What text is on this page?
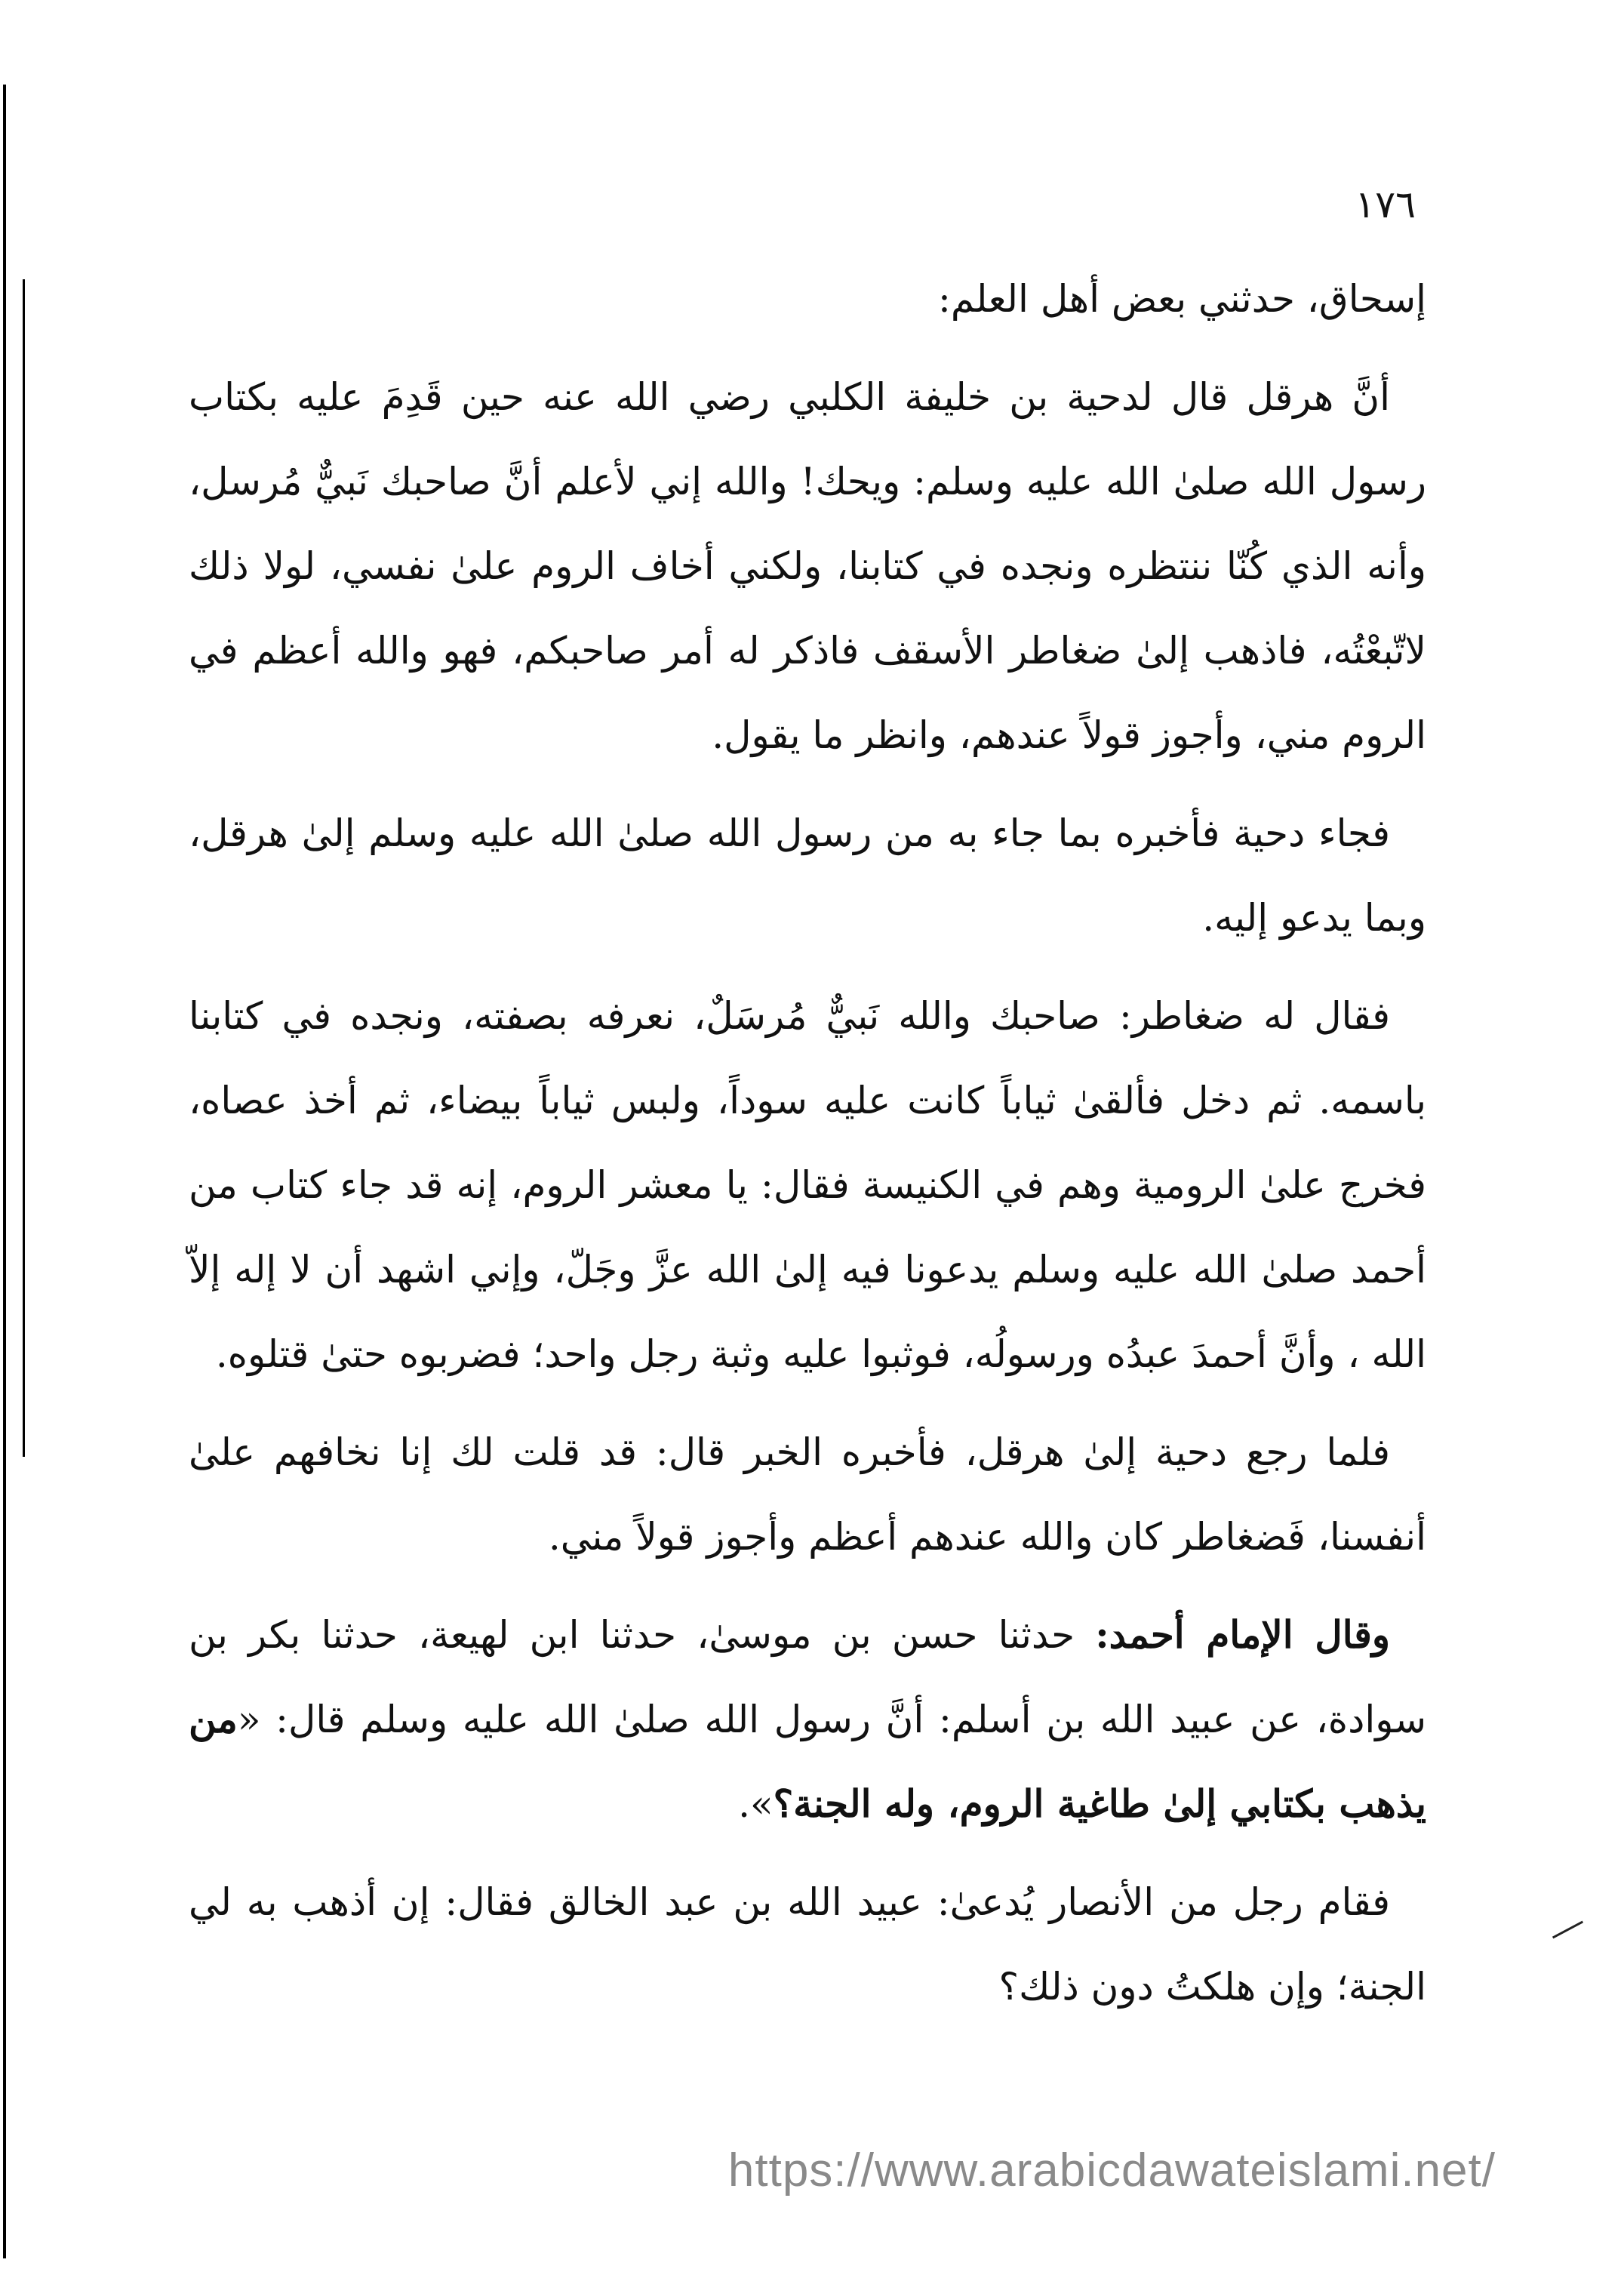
١٧٦

إسحاق، حدثني بعض أهل العلم:

أنَّ هرقل قال لدحية بن خليفة الكلبي رضي الله عنه حين قَدِمَ عليه بكتاب رسول الله صلىٰ الله عليه وسلم: ويحك! والله إني لأعلم أنَّ صاحبك نَبيٌّ مُرسل، وأنه الذي كُنّا ننتظره ونجده في كتابنا، ولكني أخاف الروم علىٰ نفسي، لولا ذلك لاتّبعْتُه، فاذهب إلىٰ ضغاطر الأسقف فاذكر له أمر صاحبكم، فهو والله أعظم في الروم مني، وأجوز قولاً عندهم، وانظر ما يقول.

فجاء دحية فأخبره بما جاء به من رسول الله صلىٰ الله عليه وسلم إلىٰ هرقل، وبما يدعو إليه.

فقال له ضغاطر: صاحبك والله نَبيٌّ مُرسَلٌ، نعرفه بصفته، ونجده في كتابنا باسمه. ثم دخل فألقىٰ ثياباً كانت عليه سوداً، ولبس ثياباً بيضاء، ثم أخذ عصاه، فخرج علىٰ الرومية وهم في الكنيسة فقال: يا معشر الروم، إنه قد جاء كتاب من أحمد صلىٰ الله عليه وسلم يدعونا فيه إلىٰ الله عزَّ وجَلّ، وإني اشهد أن لا إله إلاّ الله ، وأنَّ أحمدَ عبدُه ورسولُه، فوثبوا عليه وثبة رجل واحد؛ فضربوه حتىٰ قتلوه.

فلما رجع دحية إلىٰ هرقل، فأخبره الخبر قال: قد قلت لك إنا نخافهم علىٰ أنفسنا، فَضغاطر كان والله عندهم أعظم وأجوز قولاً مني.

وقال الإمام أحمد: حدثنا حسن بن موسىٰ، حدثنا ابن لهيعة، حدثنا بكر بن سوادة، عن عبيد الله بن أسلم: أنَّ رسول الله صلىٰ الله عليه وسلم قال: «من يذهب بكتابي إلىٰ طاغية الروم، وله الجنة؟».

فقام رجل من الأنصار يُدعىٰ: عبيد الله بن عبد الخالق فقال: إن أذهب به لي الجنة؛ وإن هلكتُ دون ذلك؟

https://www.arabicdawateislami.net/
